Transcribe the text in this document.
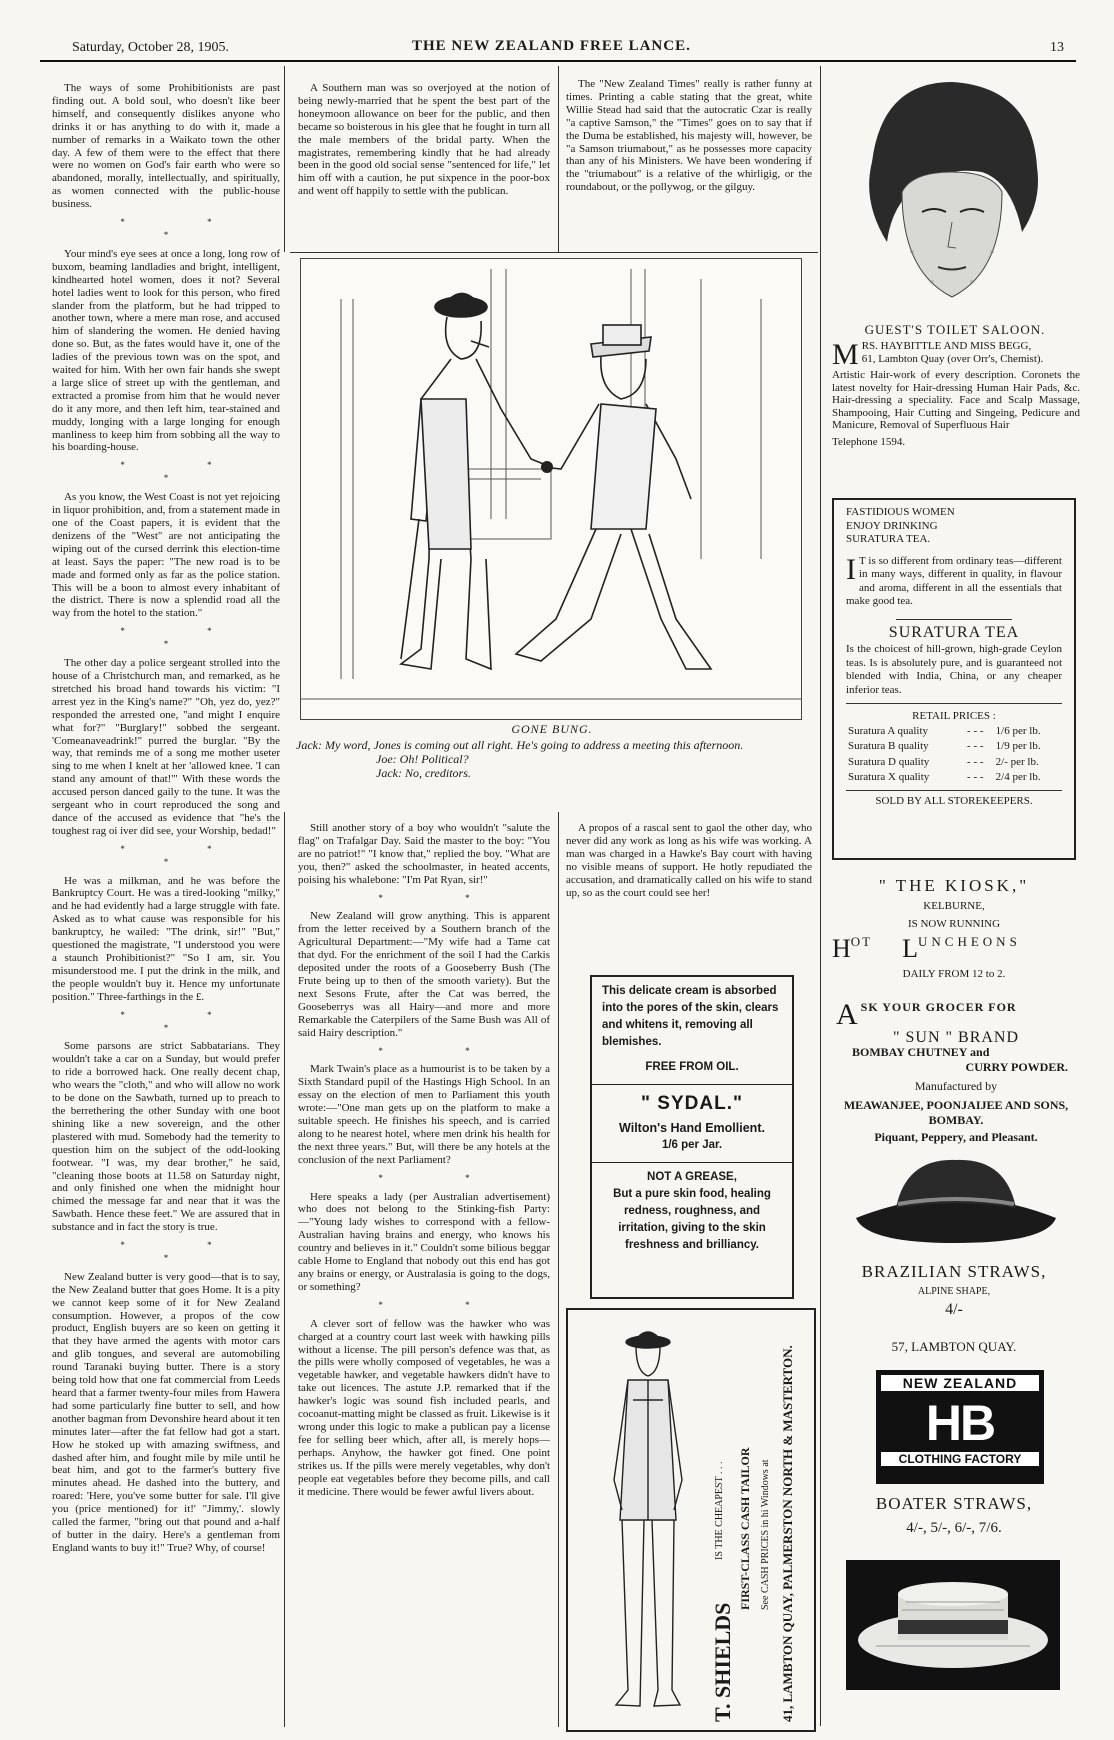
Saturday, October 28, 1905.	THE NEW ZEALAND FREE LANCE.	13

The ways of some Prohibitionists are past finding out. A bold soul, who doesn't like beer himself, and consequently dislikes anyone who drinks it or has anything to do with it, made a number of remarks in a Waikato town the other day. A few of them were to the effect that there were no women on God's fair earth who were so abandoned, morally, intellectually, and spiritually, as women connected with the public-house business.

* * *

Your mind's eye sees at once a long, long row of buxom, beaming landladies and bright, intelligent, kindhearted hotel women, does it not? Several hotel ladies went to look for this person, who fired slander from the platform, but he had tripped to another town, where a mere man rose, and accused him of slandering the women. He denied having done so. But, as the fates would have it, one of the ladies of the previous town was on the spot, and waited for him. With her own fair hands she swept a large slice of street up with the gentleman, and extracted a promise from him that he would never do it any more, and then left him, tear-stained and muddy, longing with a large longing for enough manliness to keep him from sobbing all the way to his boarding-house.

* * *

As you know, the West Coast is not yet rejoicing in liquor prohibition, and, from a statement made in one of the Coast papers, it is evident that the denizens of the "West" are not anticipating the wiping out of the cursed derrink this election-time at least. Says the paper: "The new road is to be made and formed only as far as the police station. This will be a boon to almost every inhabitant of the district. There is now a splendid road all the way from the hotel to the station."

* * *

The other day a police sergeant strolled into the house of a Christchurch man, and remarked, as he stretched his broad hand towards his victim: "I arrest yez in the King's name?" "Oh, yez do, yez?" responded the arrested one, "and might I enquire what for?" "Burglary!" sobbed the sergeant. 'Comeanaveadrink!" purred the burglar. "By the way, that reminds me of a song me mother useter sing to me when I knelt at her 'allowed knee. 'I can stand any amount of that!'" With these words the accused person danced gaily to the tune. It was the sergeant who in court reproduced the song and dance of the accused as evidence that "he's the toughest rag oi iver did see, your Worship, bedad!"

* * *

He was a milkman, and he was before the Bankruptcy Court. He was a tired-looking "milky," and he had evidently had a large struggle with fate. Asked as to what cause was responsible for his bankruptcy, he wailed: "The drink, sir!" "But," questioned the magistrate, "I understood you were a staunch Prohibitionist?" "So I am, sir. You misunderstood me. I put the drink in the milk, and the people wouldn't buy it. Hence my unfortunate position." Three-farthings in the £.

* * *

Some parsons are strict Sabbatarians. They wouldn't take a car on a Sunday, but would prefer to ride a borrowed hack. One really decent chap, who wears the "cloth," and who will allow no work to be done on the Sawbath, turned up to preach to the berrethering the other Sunday with one boot shining like a new sovereign, and the other plastered with mud. Somebody had the temerity to question him on the subject of the odd-looking footwear. "I was, my dear brother," he said, "cleaning those boots at 11.58 on Saturday night, and only finished one when the midnight hour chimed the message far and near that it was the Sawbath. Hence these feet." We are assured that in substance and in fact the story is true.

* * *

New Zealand butter is very good—that is to say, the New Zealand butter that goes Home. It is a pity we cannot keep some of it for New Zealand consumption. However, a propos of the cow product, English buyers are so keen on getting it that they have armed the agents with motor cars and glib tongues, and several are automobiling round Taranaki buying butter. There is a story being told how that one fat commercial from Leeds heard that a farmer twenty-four miles from Hawera had some particularly fine butter to sell, and how another bagman from Devonshire heard about it ten minutes later—after the fat fellow had got a start. How he stoked up with amazing swiftness, and dashed after him, and fought mile by mile until he beat him, and got to the farmer's buttery five minutes ahead. He dashed into the buttery, and roared: 'Here, you've some butter for sale. I'll give you (price mentioned) for it!' "Jimmy,'. slowly called the farmer, "bring out that pound and a-half of butter in the dairy. Here's a gentleman from England wants to buy it!" True? Why, of course!

A Southern man was so overjoyed at the notion of being newly-married that he spent the best part of the honeymoon allowance on beer for the public, and then became so boisterous in his glee that he fought in turn all the male members of the bridal party. When the magistrates, remembering kindly that he had already been in the good old social sense "sentenced for life," let him off with a caution, he put sixpence in the poor-box and went off happily to settle with the publican.

The "New Zealand Times" really is rather funny at times. Printing a cable stating that the great, white Willie Stead had said that the autocratic Czar is really "a captive Samson," the "Times" goes on to say that if the Duma be established, his majesty will, however, be "a Samson triumabout," as he possesses more capacity than any of his Ministers. We have been wondering if the "triumabout" is a relative of the whirligig, or the roundabout, or the pollywog, or the gilguy.

GONE BUNG.
Jack: My word, Jones is coming out all right. He's going to address a meeting this afternoon.
Joe: Oh! Political?
Jack: No, creditors.

Still another story of a boy who wouldn't "salute the flag" on Trafalgar Day. Said the master to the boy: "You are no patriot!" "I know that," replied the boy. "What are you, then?" asked the schoolmaster, in heated accents, poising his whalebone: "I'm Pat Ryan, sir!"

* *

New Zealand will grow anything. This is apparent from the letter received by a Southern branch of the Agricultural Department:—"My wife had a Tame cat that dyd. For the enrichment of the soil I had the Carkis deposited under the roots of a Gooseberry Bush (The Frute being up to then of the smooth variety). But the next Sesons Frute, after the Cat was berred, the Gooseberrys was all Hairy—and more and more Remarkable the Caterpilers of the Same Bush was All of said Hairy description."

* *

Mark Twain's place as a humourist is to be taken by a Sixth Standard pupil of the Hastings High School. In an essay on the election of men to Parliament this youth wrote:—"One man gets up on the platform to make a suitable speech. He finishes his speech, and is carried along to he nearest hotel, where men drink his health for the next three years." But, will there be any hotels at the conclusion of the next Parliament?

* *

Here speaks a lady (per Australian advertisement) who does not belong to the Stinking-fish Party:—"Young lady wishes to correspond with a fellow-Australian having brains and energy, who knows his country and believes in it." Couldn't some bilious beggar cable Home to England that nobody out this end has got any brains or energy, or Australasia is going to the dogs, or something?

* *

A clever sort of fellow was the hawker who was charged at a country court last week with hawking pills without a license. The pill person's defence was that, as the pills were wholly composed of vegetables, he was a vegetable hawker, and vegetable hawkers didn't have to take out licences. The astute J.P. remarked that if the hawker's logic was sound fish included pearls, and cocoanut-matting might be classed as fruit. Likewise is it wrong under this logic to make a publican pay a license fee for selling beer which, after all, is merely hops—perhaps. Anyhow, the hawker got fined. One point strikes us. If the pills were merely vegetables, why don't people eat vegetables before they become pills, and call it medicine. There would be fewer awful livers about.

A propos of a rascal sent to gaol the other day, who never did any work as long as his wife was working. A man was charged in a Hawke's Bay court with having no visible means of support. He hotly repudiated the accusation, and dramatically called on his wife to stand up, so as the court could see her!

This delicate cream is absorbed into the pores of the skin, clears and whitens it, removing all blemishes.
FREE FROM OIL.
" SYDAL."
Wilton's Hand Emollient.
1/6 per Jar.
NOT A GREASE,
But a pure skin food, healing redness, roughness, and irritation, giving to the skin freshness and brilliancy.
T. SHIELDS
IS THE CHEAPEST . . . FIRST-CLASS CASH TAILOR See CASH PRICES in hi Windows at 41, LAMBTON QUAY, PALMERSTON NORTH & MASTERTON.
GUEST'S TOILET SALOON.
M RS. HAYBITTLE AND MISS BEGG,
61, Lambton Quay (over Orr's, Chemist).
Artistic Hair-work of every description. Coronets the latest novelty for Hair-dressing Human Hair Pads, &c. Hair-dressing a speciality. Face and Scalp Massage, Shampooing, Hair Cutting and Singeing, Pedicure and Manicure, Removal of Superfluous Hair
Telephone 1594.
FASTIDIOUS WOMEN
ENJOY DRINKING
SURATURA TEA.
I T is so different from ordinary teas—different in many ways, different in quality, in flavour and aroma, different in all the essentials that make good tea.
SURATURA TEA
Is the choicest of hill-grown, high-grade Ceylon teas. Is is absolutely pure, and is guaranteed not blended with India, China, or any cheaper inferior teas.
RETAIL PRICES :
Suratura A quality	- - -	1/6 per lb.
Suratura B quality	- - -	1/9 per lb.
Suratura D quality	- - -	2/- per lb.
Suratura X quality	- - -	2/4 per lb.
SOLD BY ALL STOREKEEPERS.
" THE KIOSK,"
KELBURNE,
IS NOW RUNNING
HOT LUNCHEONS
DAILY FROM 12 to 2.
ASK YOUR GROCER FOR
" SUN " BRAND
BOMBAY CHUTNEY and
CURRY POWDER.
Manufactured by
MEAWANJEE, POONJAIJEE AND SONS, BOMBAY.
Piquant, Peppery, and Pleasant.
BRAZILIAN STRAWS,
ALPINE SHAPE,
4/-
57, LAMBTON QUAY.
NEW ZEALAND
HB
CLOTHING FACTORY
BOATER STRAWS,
4/-, 5/-, 6/-, 7/6.
